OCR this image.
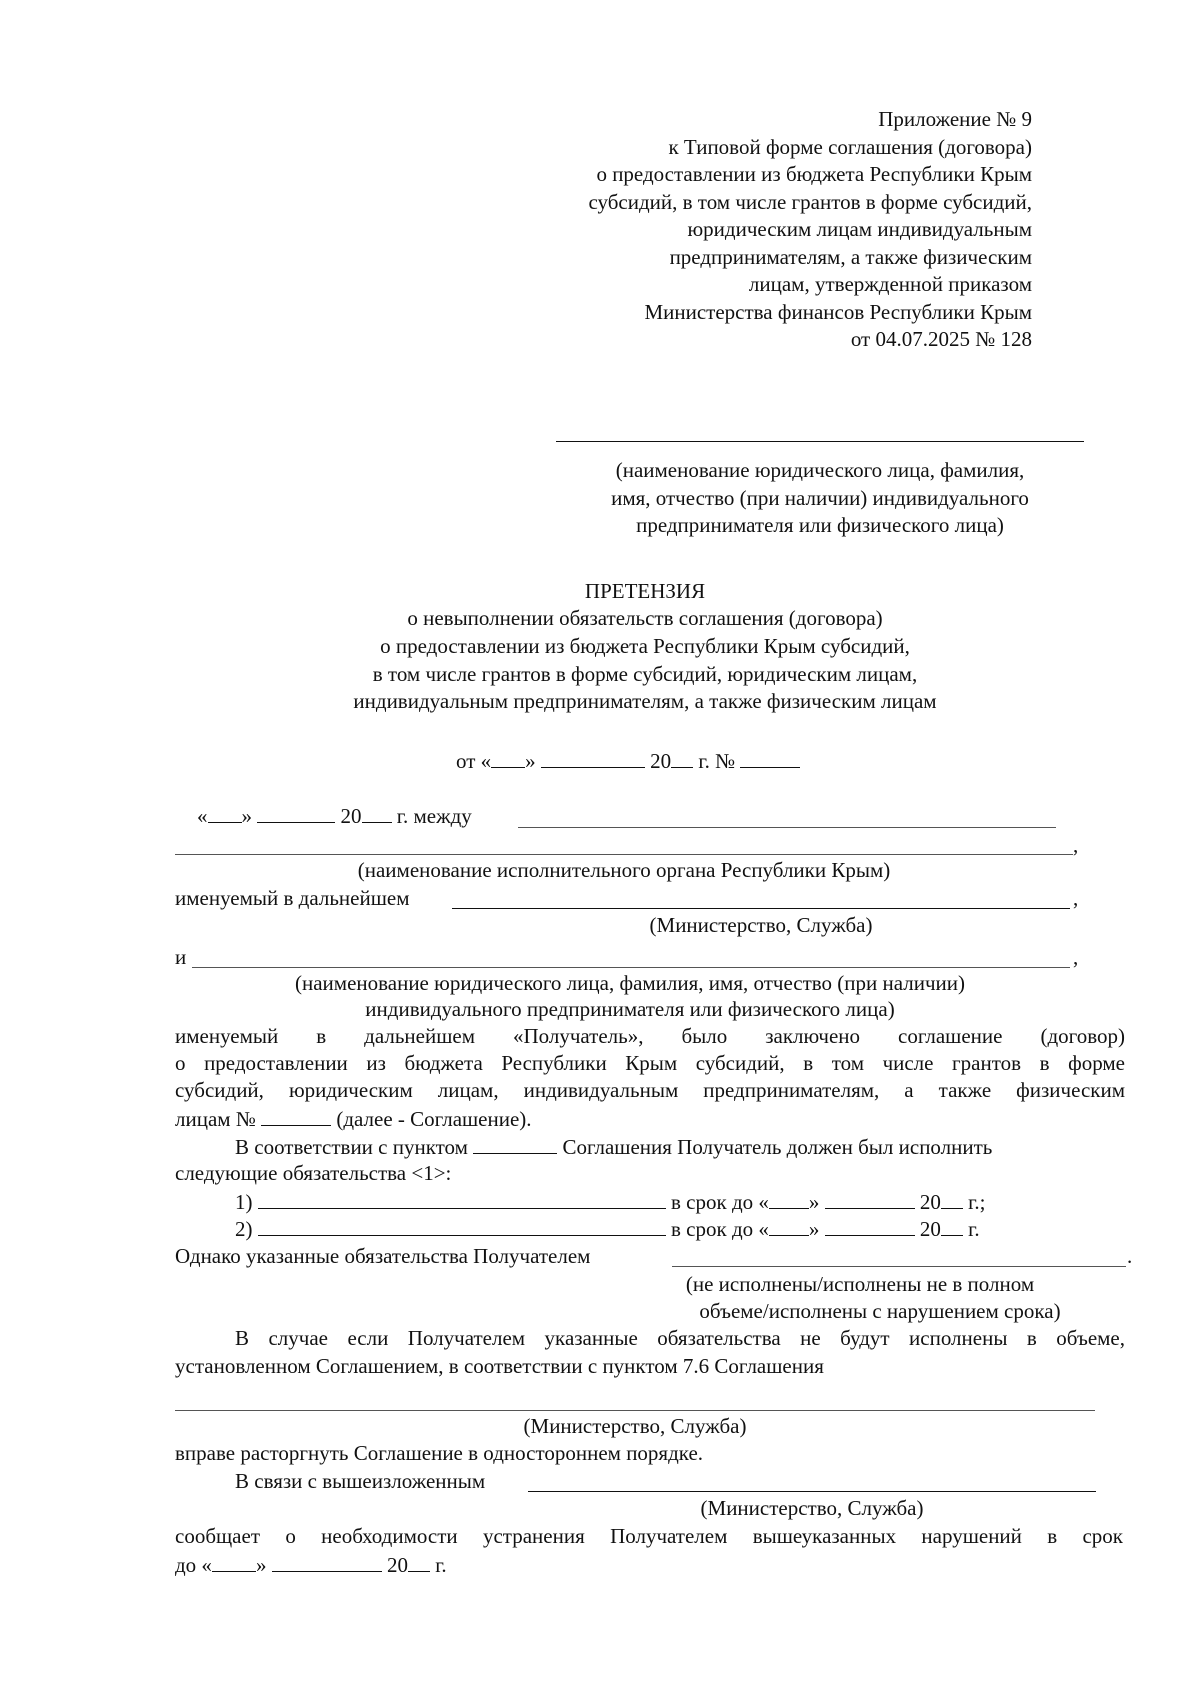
Приложение № 9
к Типовой форме соглашения (договора)
о предоставлении из бюджета Республики Крым
субсидий, в том числе грантов в форме субсидий,
юридическим лицам индивидуальным
предпринимателям, а также физическим
лицам, утвержденной приказом
Министерства финансов Республики Крым
от 04.07.2025 № 128
(наименование юридического лица, фамилия,
имя, отчество (при наличии) индивидуального
предпринимателя или физического лица)
ПРЕТЕНЗИЯ
о невыполнении обязательств соглашения (договора)
о предоставлении из бюджета Республики Крым субсидий,
в том числе грантов в форме субсидий, юридическим лицам,
индивидуальным предпринимателям, а также физическим лицам
от « »	20 г. №
« »	20 г. между
,
(наименование исполнительного органа Республики Крым)
именуемый в дальнейшем	,
(Министерство, Служба)
и	,
(наименование юридического лица, фамилия, имя, отчество (при наличии)
индивидуального предпринимателя или физического лица)
именуемый в дальнейшем «Получатель», было заключено соглашение (договор)
о предоставлении из бюджета Республики Крым субсидий, в том числе грантов в форме
субсидий, юридическим лицам, индивидуальным предпринимателям, а также физическим
лицам №	(далее - Соглашение).
В соответствии с пунктом	Соглашения Получатель должен был исполнить
следующие обязательства <1>:
1)	в срок до « »	20 г.;
2)	в срок до « »	20 г.
Однако указанные обязательства Получателем	.
(не исполнены/исполнены не в полном
объеме/исполнены с нарушением срока)
В случае если Получателем указанные обязательства не будут исполнены в объеме,
установленном Соглашением, в соответствии с пунктом 7.6 Соглашения
(Министерство, Служба)
вправе расторгнуть Соглашение в одностороннем порядке.
В связи с вышеизложенным
(Министерство, Служба)
сообщает о необходимости устранения Получателем вышеуказанных нарушений в срок
до « »	20 г.
